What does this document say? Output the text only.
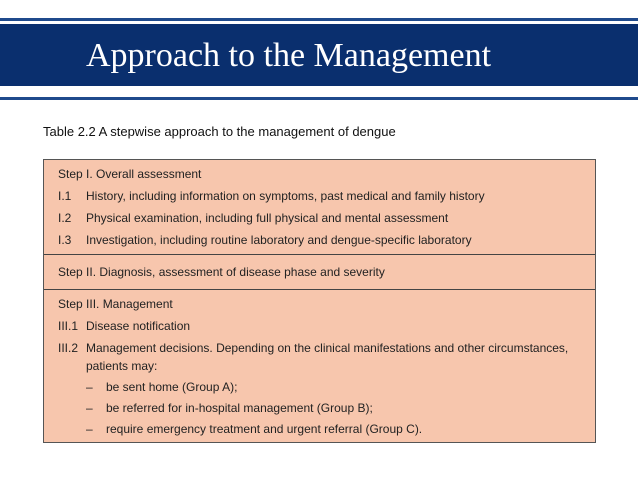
Approach to the Management

Table 2.2 A stepwise approach to the management of dengue

Step I. Overall assessment
I.1 History, including information on symptoms, past medical and family history
I.2 Physical examination, including full physical and mental assessment
I.3 Investigation, including routine laboratory and dengue-specific laboratory
Step II. Diagnosis, assessment of disease phase and severity
Step III. Management
III.1 Disease notification
III.2 Management decisions. Depending on the clinical manifestations and other circumstances,
patients may:
– be sent home (Group A);
– be referred for in-hospital management (Group B);
– require emergency treatment and urgent referral (Group C).
